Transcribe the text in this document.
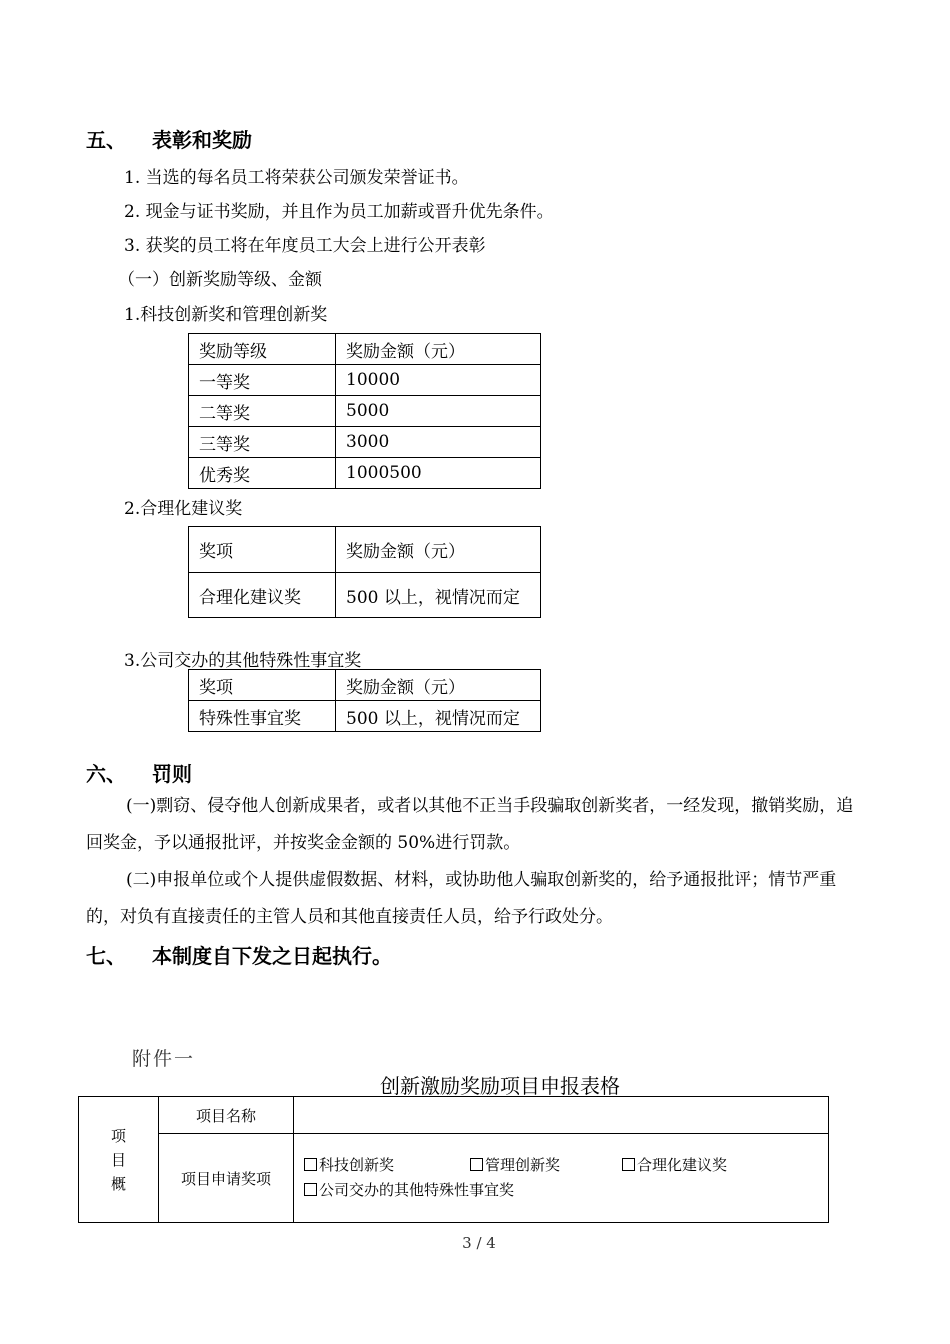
五、 表彰和奖励
1. 当选的每名员工将荣获公司颁发荣誉证书。
2. 现金与证书奖励，并且作为员工加薪或晋升优先条件。
3. 获奖的员工将在年度员工大会上进行公开表彰
（一）创新奖励等级、金额
1.科技创新奖和管理创新奖
奖励等级	奖励金额（元）
一等奖	10000
二等奖	5000
三等奖	3000
优秀奖	1000500
2.合理化建议奖
奖项	奖励金额（元）
合理化建议奖	500 以上，视情况而定
3.公司交办的其他特殊性事宜奖
奖项	奖励金额（元）
特殊性事宜奖	500 以上，视情况而定
六、 罚则
(一)剽窃、侵夺他人创新成果者，或者以其他不正当手段骗取创新奖者，一经发现，撤销奖励，追回奖金，予以通报批评，并按奖金金额的 50%进行罚款。
(二)申报单位或个人提供虚假数据、材料，或协助他人骗取创新奖的，给予通报批评；情节严重的，对负有直接责任的主管人员和其他直接责任人员，给予行政处分。
七、 本制度自下发之日起执行。
附件一
创新激励奖励项目申报表格
项
目
概	项目名称	
	项目申请奖项	科技创新奖 管理创新奖 合理化建议奖
公司交办的其他特殊性事宜奖
3 / 4
